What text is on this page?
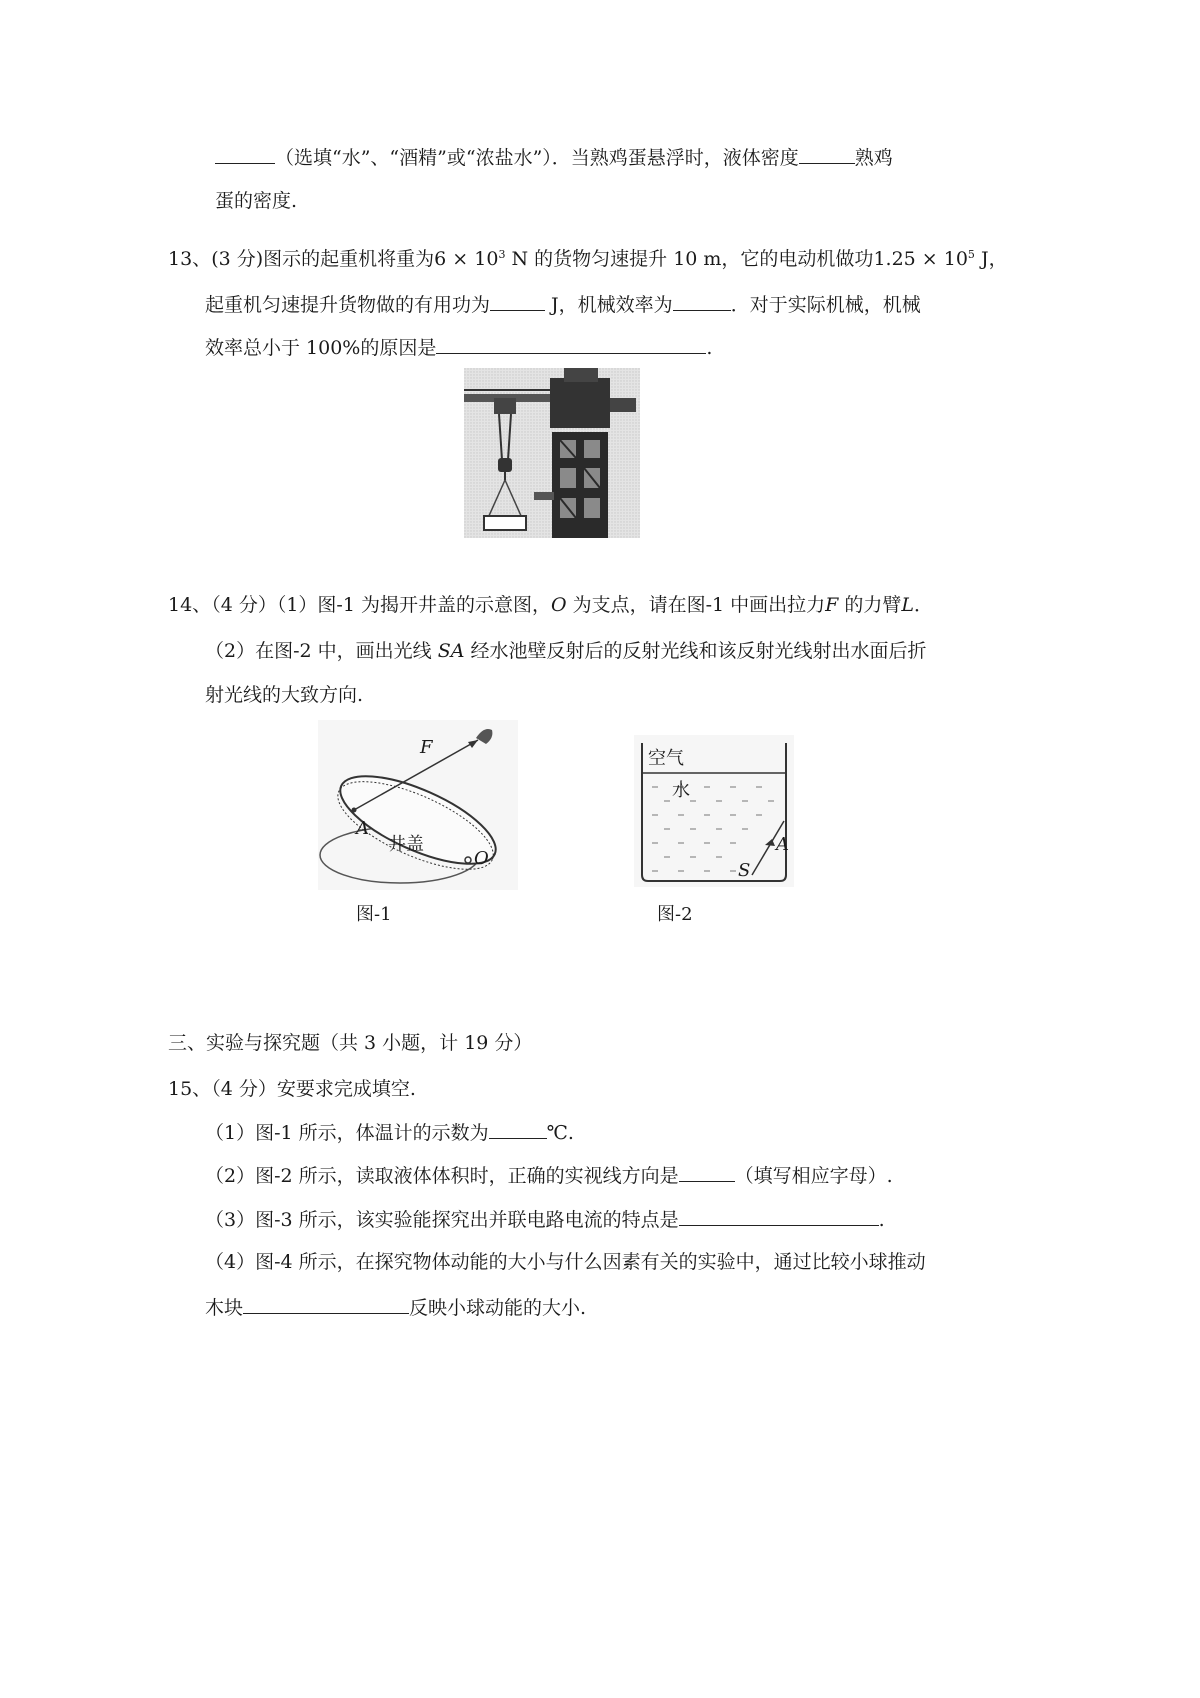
（选填“水”、“酒精”或“浓盐水”）．当熟鸡蛋悬浮时，液体密度	熟鸡
蛋的密度.
13、(3 分)图示的起重机将重为$6 \times 10^3$ N 的货物匀速提升 10 m，它的电动机做功$1.25 \times 10^5$ J，
起重机匀速提升货物做的有用功为	J，机械效率为	．对于实际机械，机械
效率总小于 100%的原因是	.
14、（4 分）（1）图-1 为揭开井盖的示意图，O 为支点，请在图-1 中画出拉力F 的力臂L．
（2）在图-2 中，画出光线 SA 经水池壁反射后的反射光线和该反射光线射出水面后折
射光线的大致方向.
F
A
井盖
O
图-1
空气
水
A
S
图-2
三、实验与探究题（共 3 小题，计 19 分）
15、（4 分）安要求完成填空.
（1）图-1 所示，体温计的示数为	℃.
（2）图-2 所示，读取液体体积时，正确的实视线方向是	（填写相应字母）.
（3）图-3 所示，该实验能探究出并联电路电流的特点是	.
（4）图-4 所示，在探究物体动能的大小与什么因素有关的实验中，通过比较小球推动
木块	反映小球动能的大小.
